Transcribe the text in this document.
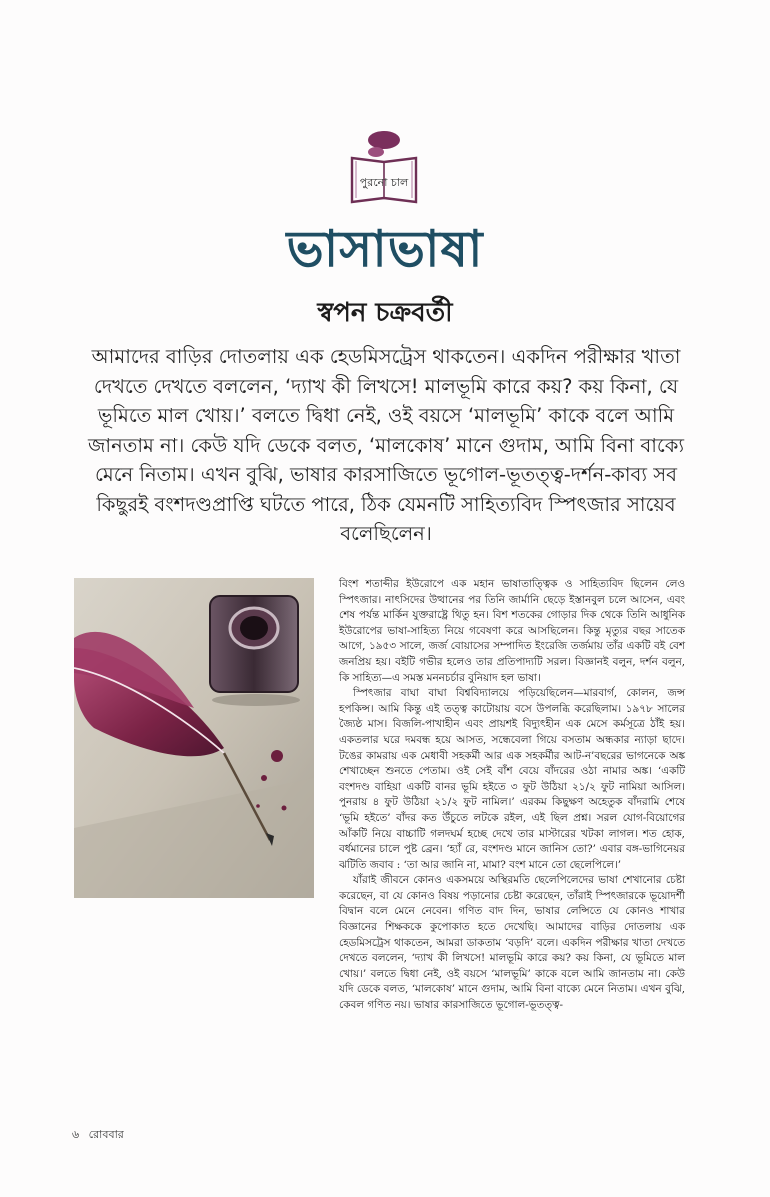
পুরনো চাল
ভাসাভাষা
স্বপন চক্রবর্তী

আমাদের বাড়ির দোতলায় এক হেডমিসট্রেস থাকতেন। একদিন পরীক্ষার খাতা দেখতে দেখতে বললেন, ‘দ্যাখ কী লিখসে! মালভূমি কারে কয়? কয় কিনা, যে ভূমিতে মাল খোয়।’ বলতে দ্বিধা নেই, ওই বয়সে ‘মালভূমি’ কাকে বলে আমি জানতাম না। কেউ যদি ডেকে বলত, ‘মালকোষ’ মানে গুদাম, আমি বিনা বাক্যে মেনে নিতাম। এখন বুঝি, ভাষার কারসাজিতে ভূগোল-ভূতত্ত্ব-দর্শন-কাব্য সব কিছুরই বংশদণ্ডপ্রাপ্তি ঘটতে পারে, ঠিক যেমনটি সাহিত্যবিদ স্পিৎজার সায়েব বলেছিলেন।

বিংশ শতাব্দীর ইউরোপে এক মহান ভাষাতাত্ত্বিক ও সাহিত্যবিদ ছিলেন লেও স্পিৎজার। নাৎসিদের উত্থানের পর তিনি জার্মানি ছেড়ে ইস্তানবুল চলে আসেন, এবং শেষ পর্যন্ত মার্কিন যুক্তরাষ্ট্রে থিতু হন। বিশ শতকের গোড়ার দিক থেকে তিনি আধুনিক ইউরোপের ভাষা-সাহিত্য নিয়ে গবেষণা করে আসছিলেন। কিন্তু মৃত্যুর বছর সাতেক আগে, ১৯৫৩ সালে, জর্জ বোয়াসের সম্পাদিত ইংরেজি তর্জমায় তাঁর একটি বই বেশ জনপ্রিয় হয়। বইটি গভীর হলেও তার প্রতিপাদ্যটি সরল। বিজ্ঞানই বলুন, দর্শন বলুন, কি সাহিত্য—এ সমস্ত মননচর্চার বুনিয়াদ হল ভাষা।

স্পিৎজার বাঘা বাঘা বিশ্ববিদ্যালয়ে পড়িয়েছিলেন—মারবার্গ, কোলন, জন্স হপকিন্স। আমি কিন্তু এই তত্ত্ব কাটোয়ায় বসে উপলব্ধি করেছিলাম। ১৯৭৮ সালের জ্যৈষ্ঠ মাস। বিজলি-পাখাহীন এবং প্রায়শই বিদ্যুৎহীন এক মেসে কর্মসূত্রে ঠাঁই হয়। একতলার ঘরে দমবন্ধ হয়ে আসত, সন্ধেবেলা গিয়ে বসতাম অন্ধকার ন্যাড়া ছাদে। টঙের কামরায় এক মেধাবী সহকর্মী আর এক সহকর্মীর আট-ন’বছরের ভাগনেকে অঙ্ক শেখাচ্ছেন শুনতে পেতাম। ওই সেই বাঁশ বেয়ে বাঁদরের ওঠা নামার অঙ্ক। ‘একটি বংশদণ্ড বাহিয়া একটি বানর ভূমি হইতে ৩ ফুট উঠিয়া ২১/২ ফুট নামিয়া আসিল। পুনরায় ৪ ফুট উঠিয়া ২১/২ ফুট নামিল।’ এরকম কিছুক্ষণ অহেতুক বাঁদরামি শেষে ‘ভূমি হইতে’ বাঁদর কত উঁচুতে লটকে রইল, এই ছিল প্রশ্ন। সরল যোগ-বিয়োগের আঁকটি নিয়ে বাচ্চাটি গলদঘর্ম হচ্ছে দেখে তার মাস্টারের খটকা লাগল। শত হোক, বর্ধমানের চালে পুষ্ট ব্রেন। ‘হ্যাঁ রে, বংশদণ্ড মানে জানিস তো?’ এবার বঙ্গ-ভাগিনেয়র ঝটিতি জবাব : ‘তা আর জানি না, মামা? বংশ মানে তো ছেলেপিলে।’

যাঁরাই জীবনে কোনও একসময়ে অস্থিরমতি ছেলেপিলেদের ভাষা শেখানোর চেষ্টা করেছেন, বা যে কোনও বিষয় পড়ানোর চেষ্টা করেছেন, তাঁরাই স্পিৎজারকে ভূয়োদর্শী বিদ্বান বলে মেনে নেবেন। গণিত বাদ দিন, ভাষার লেন্সিতে যে কোনও শাখার বিজ্ঞানের শিক্ষককে কুপোকাত হতে দেখেছি। আমাদের বাড়ির দোতলায় এক হেডমিসট্রেস থাকতেন, আমরা ডাকতাম ‘বড়দি’ বলে। একদিন পরীক্ষার খাতা দেখতে দেখতে বললেন, ‘দ্যাখ কী লিখসে! মালভূমি কারে কয়? কয় কিনা, যে ভূমিতে মাল খোয়।’ বলতে দ্বিধা নেই, ওই বয়সে ‘মালভূমি’ কাকে বলে আমি জানতাম না। কেউ যদি ডেকে বলত, ‘মালকোষ’ মানে গুদাম, আমি বিনা বাক্যে মেনে নিতাম। এখন বুঝি, কেবল গণিত নয়। ভাষার কারসাজিতে ভূগোল-ভূতত্ত্ব-

৬ রোববার
